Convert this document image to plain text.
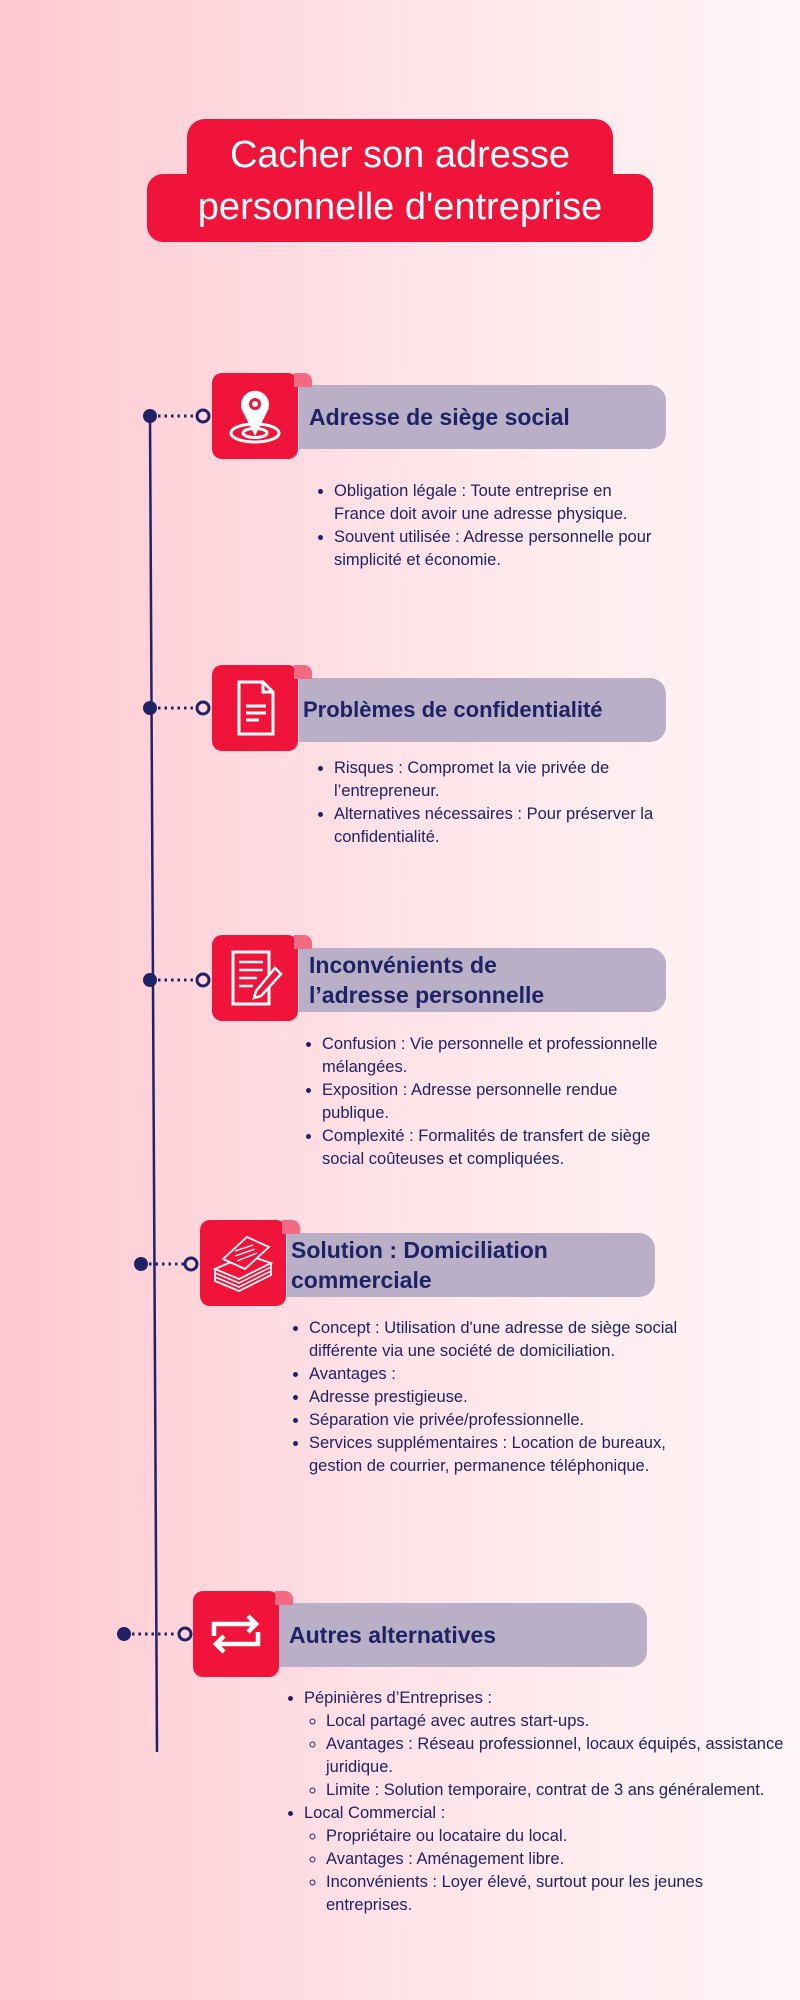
Cacher son adresse
personnelle d'entreprise
Adresse de siège social
• Obligation légale : Toute entreprise en France doit avoir une adresse physique.
• Souvent utilisée : Adresse personnelle pour simplicité et économie.
Problèmes de confidentialité
• Risques : Compromet la vie privée de l’entrepreneur.
• Alternatives nécessaires : Pour préserver la confidentialité.
Inconvénients de
l’adresse personnelle
• Confusion : Vie personnelle et professionnelle mélangées.
• Exposition : Adresse personnelle rendue publique.
• Complexité : Formalités de transfert de siège social coûteuses et compliquées.
Solution : Domiciliation
commerciale
• Concept : Utilisation d'une adresse de siège social différente via une société de domiciliation.
• Avantages :
• Adresse prestigieuse.
• Séparation vie privée/professionnelle.
• Services supplémentaires : Location de bureaux, gestion de courrier, permanence téléphonique.
Autres alternatives
• Pépinières d’Entreprises :
◦ Local partagé avec autres start-ups.
◦ Avantages : Réseau professionnel, locaux équipés, assistance juridique.
◦ Limite : Solution temporaire, contrat de 3 ans généralement.
• Local Commercial :
◦ Propriétaire ou locataire du local.
◦ Avantages : Aménagement libre.
◦ Inconvénients : Loyer élevé, surtout pour les jeunes entreprises.
